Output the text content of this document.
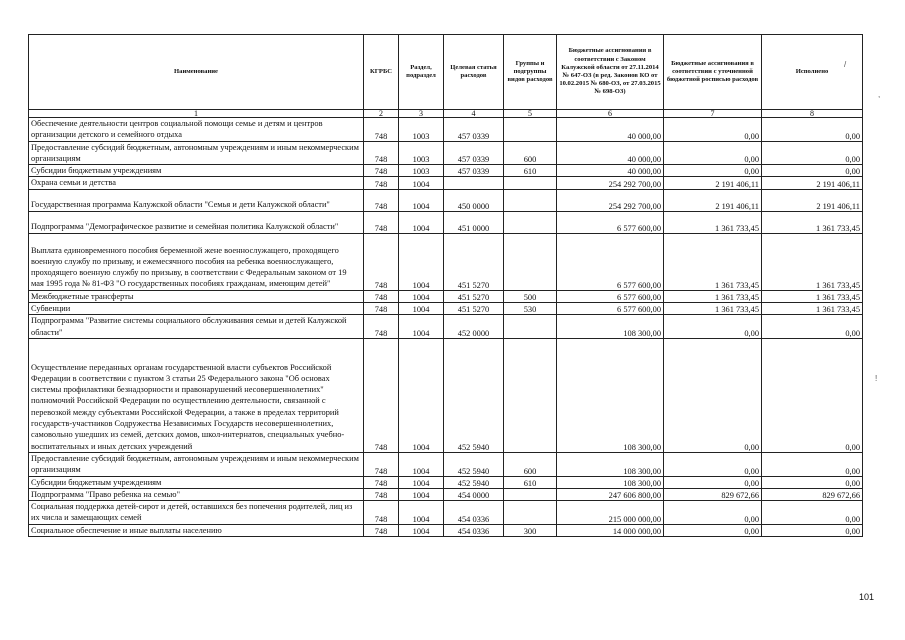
Наименование	КГРБС	Раздел, подраздел	Целевая статья расходов	Группы и подгруппы видов расходов	Бюджетные ассигнования в соответствии с Законом Калужской области от 27.11.2014 № 647-ОЗ (в ред. Законов КО от 10.02.2015 № 680-ОЗ, от 27.03.2015 № 698-ОЗ)	Бюджетные ассигнования в соответствии с уточненной бюджетной росписью расходов	Исполнено
1	2	3	4	5	6	7	8
Обеспечение деятельности центров социальной помощи семье и детям и центров организации детского и семейного отдыха	748	1003	457 0339		40 000,00	0,00	0,00
Предоставление субсидий бюджетным, автономным учреждениям и иным некоммерческим организациям	748	1003	457 0339	600	40 000,00	0,00	0,00
Субсидии бюджетным учреждениям	748	1003	457 0339	610	40 000,00	0,00	0,00
Охрана семьи и детства	748	1004			254 292 700,00	2 191 406,11	2 191 406,11
Государственная программа Калужской области "Семья и дети Калужской области"	748	1004	450 0000		254 292 700,00	2 191 406,11	2 191 406,11
Подпрограмма "Демографическое развитие и семейная политика Калужской области"	748	1004	451 0000		6 577 600,00	1 361 733,45	1 361 733,45
Выплата единовременного пособия беременной жене военнослужащего, проходящего военную службу по призыву, и ежемесячного пособия на ребенка военнослужащего, проходящего военную службу по призыву, в соответствии с Федеральным законом от 19 мая 1995 года № 81-ФЗ "О государственных пособиях гражданам, имеющим детей"	748	1004	451 5270		6 577 600,00	1 361 733,45	1 361 733,45
Межбюджетные трансферты	748	1004	451 5270	500	6 577 600,00	1 361 733,45	1 361 733,45
Субвенции	748	1004	451 5270	530	6 577 600,00	1 361 733,45	1 361 733,45
Подпрограмма "Развитие системы социального обслуживания семьи и детей Калужской области"	748	1004	452 0000		108 300,00	0,00	0,00
Осуществление переданных органам государственной власти субъектов Российской Федерации в соответствии с пунктом 3 статьи 25 Федерального закона "Об основах системы профилактики безнадзорности и правонарушений несовершеннолетних" полномочий Российской Федерации по осуществлению деятельности, связанной с перевозкой между субъектами Российской Федерации, а также в пределах территорий государств-участников Содружества Независимых Государств несовершеннолетних, самовольно ушедших из семей, детских домов, школ-интернатов, специальных учебно-воспитательных и иных детских учреждений	748	1004	452 5940		108 300,00	0,00	0,00
Предоставление субсидий бюджетным, автономным учреждениям и иным некоммерческим организациям	748	1004	452 5940	600	108 300,00	0,00	0,00
Субсидии бюджетным учреждениям	748	1004	452 5940	610	108 300,00	0,00	0,00
Подпрограмма "Право ребенка на семью"	748	1004	454 0000		247 606 800,00	829 672,66	829 672,66
Социальная поддержка детей-сирот и детей, оставшихся без попечения родителей, лиц из их числа и замещающих семей	748	1004	454 0336		215 000 000,00	0,00	0,00
Социальное обеспечение и иные выплаты населению	748	1004	454 0336	300	14 000 000,00	0,00	0,00
/
,
!
101
